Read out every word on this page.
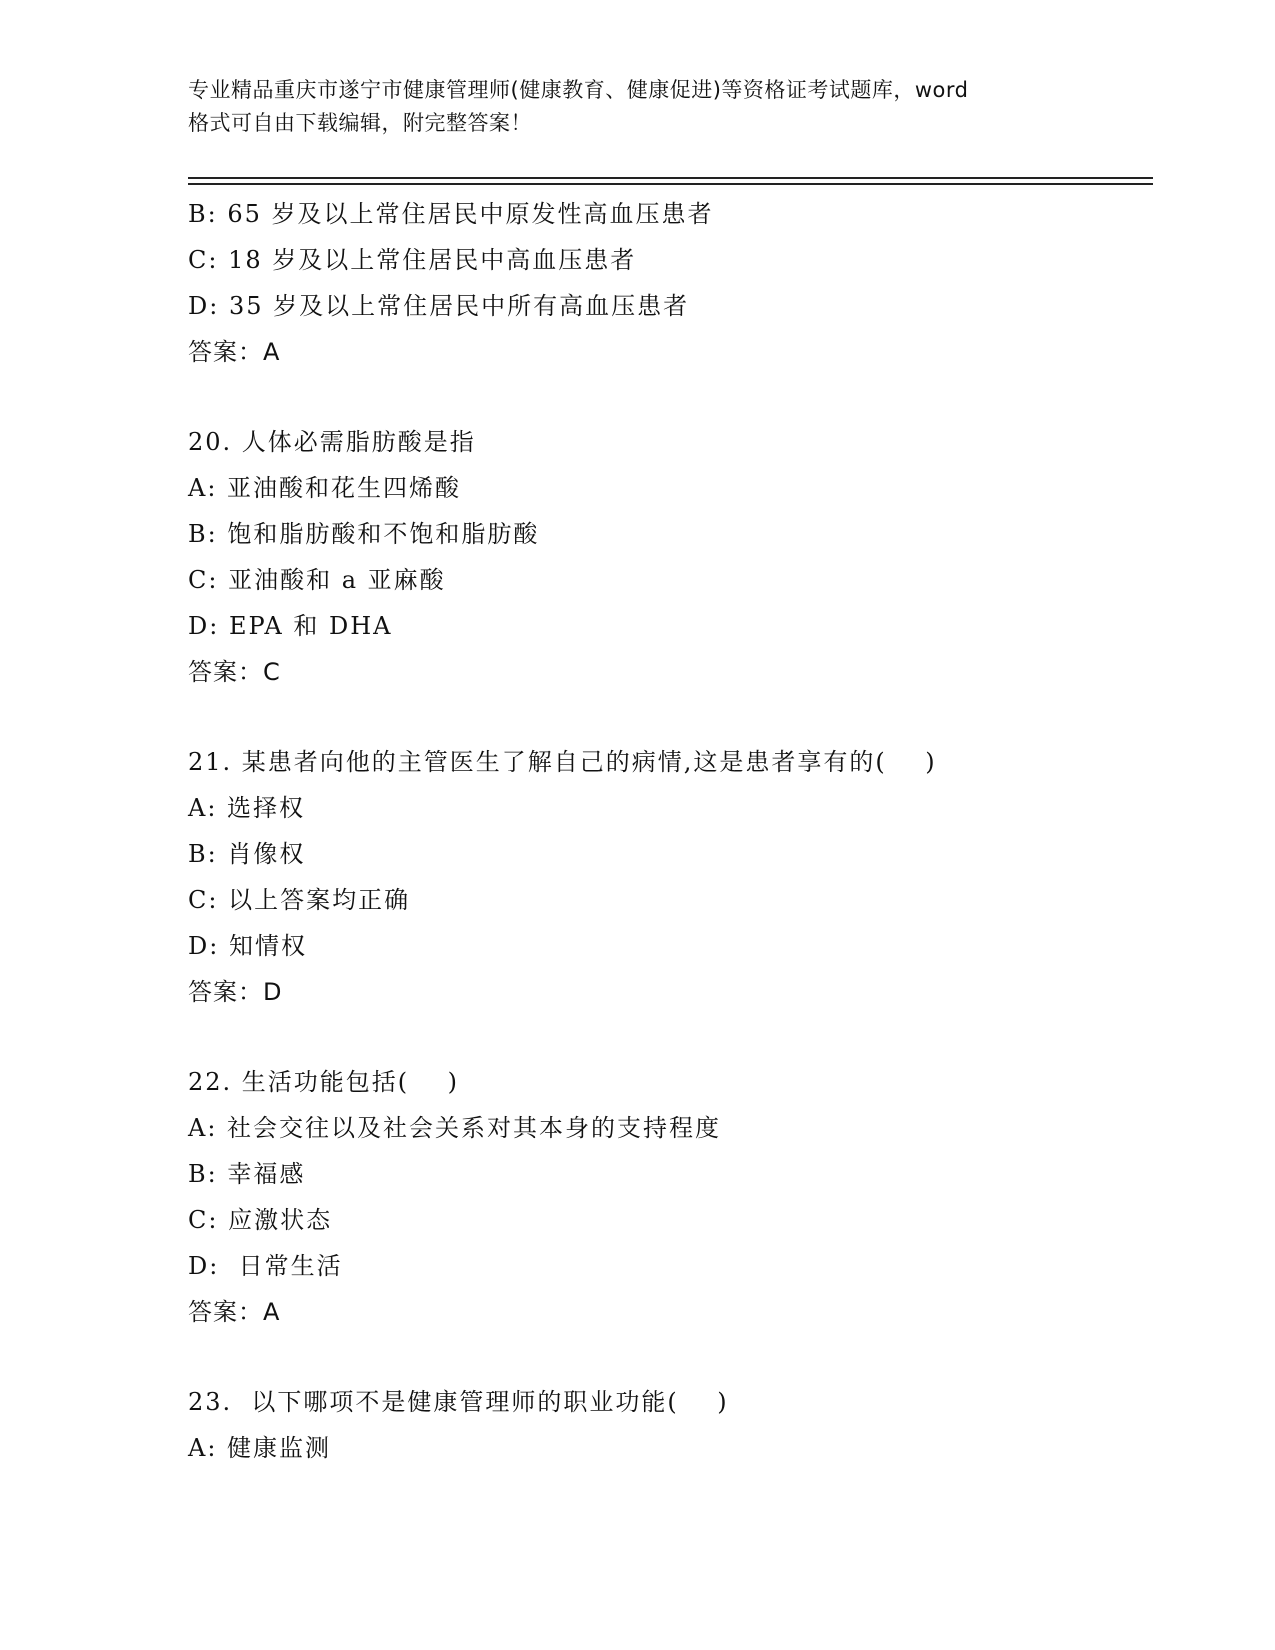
专业精品重庆市遂宁市健康管理师(健康教育、健康促进)等资格证考试题库，word
格式可自由下载编辑，附完整答案！
B: 65 岁及以上常住居民中原发性高血压患者
C: 18 岁及以上常住居民中高血压患者
D: 35 岁及以上常住居民中所有高血压患者
答案：A
20. 人体必需脂肪酸是指
A: 亚油酸和花生四烯酸
B: 饱和脂肪酸和不饱和脂肪酸
C: 亚油酸和 a 亚麻酸
D: EPA 和 DHA
答案：C
21. 某患者向他的主管医生了解自己的病情,这是患者享有的(    )
A: 选择权
B: 肖像权
C: 以上答案均正确
D: 知情权
答案：D
22. 生活功能包括(    )
A: 社会交往以及社会关系对其本身的支持程度
B: 幸福感
C: 应激状态
D:  日常生活
答案：A
23.  以下哪项不是健康管理师的职业功能(    )
A: 健康监测
